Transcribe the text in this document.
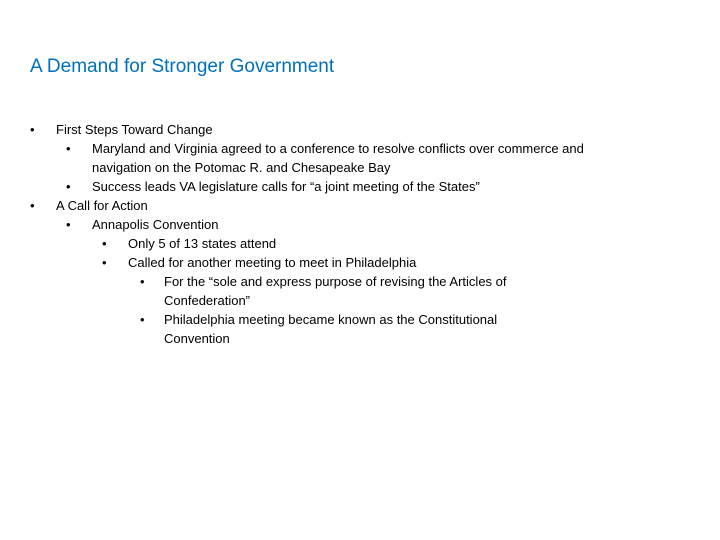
A Demand for Stronger Government
•	First Steps Toward Change
•	Maryland and Virginia agreed to a conference to resolve conflicts over commerce and navigation on the Potomac R. and Chesapeake Bay
•	Success leads VA legislature calls for “a joint meeting of the States”
•	A Call for Action
•	Annapolis Convention
•	Only 5 of 13 states attend
•	Called for another meeting to meet in Philadelphia
•	For the “sole and express purpose of revising the Articles of Confederation”
•	Philadelphia meeting became known as the Constitutional Convention
